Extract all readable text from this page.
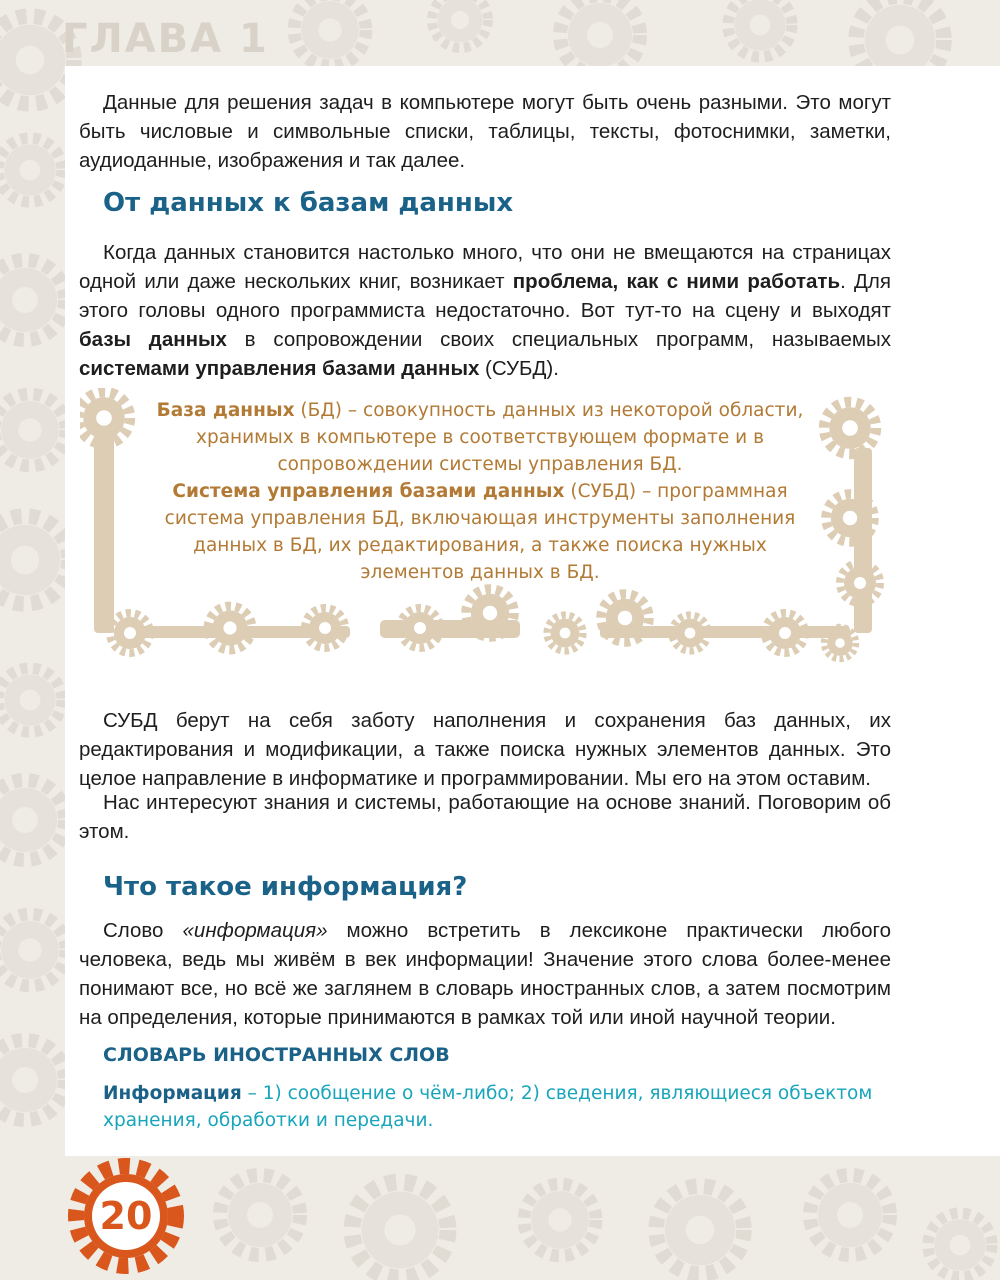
ГЛАВА 1

Данные для решения задач в компьютере могут быть очень разными. Это могут быть числовые и символьные списки, таблицы, тексты, фотоснимки, заметки, аудиоданные, изображения и так далее.

От данных к базам данных

Когда данных становится настолько много, что они не вмещаются на страницах одной или даже нескольких книг, возникает проблема, как с ними работать. Для этого головы одного программиста недостаточно. Вот тут-то на сцену и выходят базы данных в сопровождении своих специальных программ, называемых системами управления базами данных (СУБД).

База данных (БД) – совокупность данных из некоторой области, хранимых в компьютере в соответствующем формате и в сопровождении системы управления БД.

Система управления базами данных (СУБД) – программная система управления БД, включающая инструменты заполнения данных в БД, их редактирования, а также поиска нужных элементов данных в БД.

СУБД берут на себя заботу наполнения и сохранения баз данных, их редактирования и модификации, а также поиска нужных элементов данных. Это целое направление в информатике и программировании. Мы его на этом оставим.

Нас интересуют знания и системы, работающие на основе знаний. Поговорим об этом.

Что такое информация?

Слово «информация» можно встретить в лексиконе практически любого человека, ведь мы живём в век информации! Значение этого слова более-менее понимают все, но всё же заглянем в словарь иностранных слов, а затем посмотрим на определения, которые принимаются в рамках той или иной научной теории.

СЛОВАРЬ ИНОСТРАННЫХ СЛОВ

Информация – 1) сообщение о чём-либо; 2) сведения, являющиеся объектом хранения, обработки и передачи.

20
